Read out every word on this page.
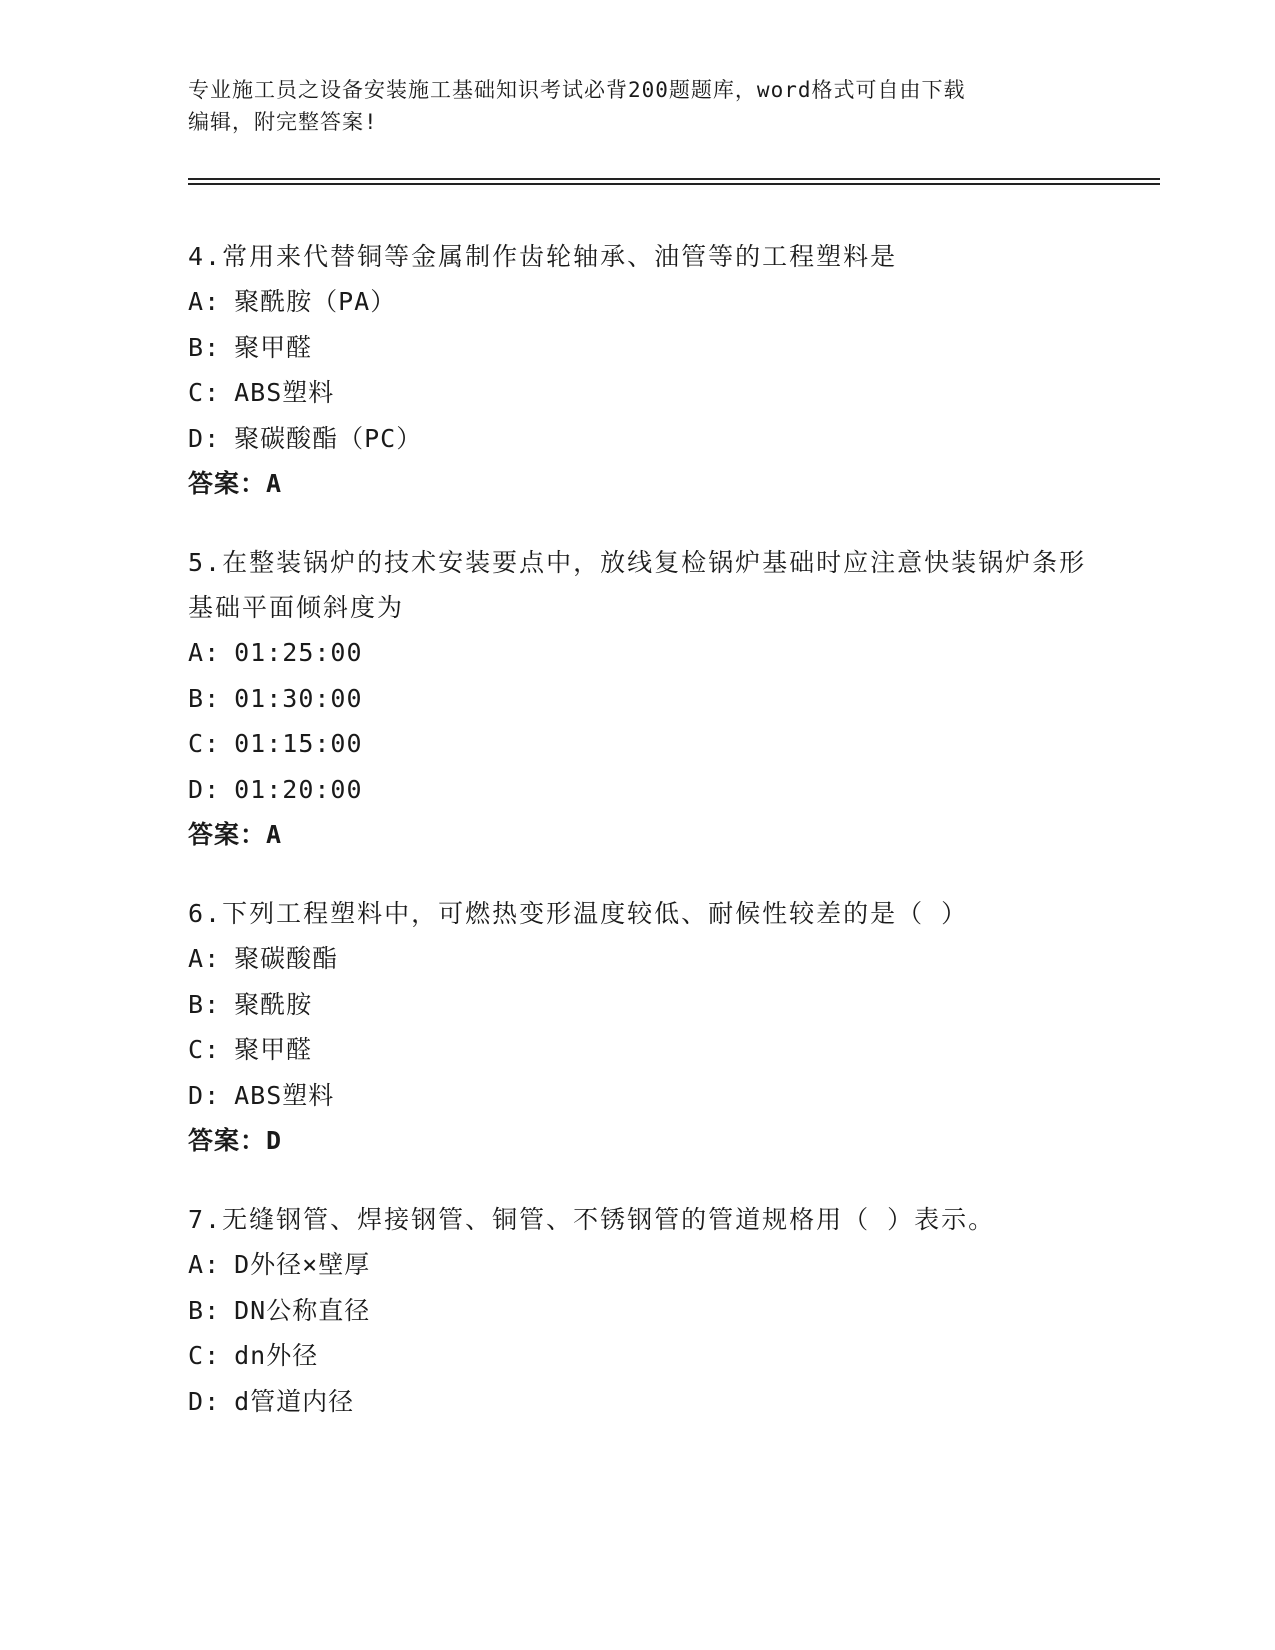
专业施工员之设备安装施工基础知识考试必背200题题库，word格式可自由下载
编辑，附完整答案!

4.常用来代替铜等金属制作齿轮轴承、油管等的工程塑料是

A : 聚酰胺（PA）

B : 聚甲醛

C : ABS塑料

D : 聚碳酸酯（PC）

答案：A

5.在整装锅炉的技术安装要点中，放线复检锅炉基础时应注意快装锅炉条形基础平面倾斜度为

A : 01:25:00

B : 01:30:00

C : 01:15:00

D : 01:20:00

答案：A

6.下列工程塑料中，可燃热变形温度较低、耐候性较差的是（ ）

A : 聚碳酸酯

B : 聚酰胺

C : 聚甲醛

D : ABS塑料

答案：D

7.无缝钢管、焊接钢管、铜管、不锈钢管的管道规格用（ ）表示。

A : D外径×壁厚

B : DN公称直径

C : dn外径

D : d管道内径
